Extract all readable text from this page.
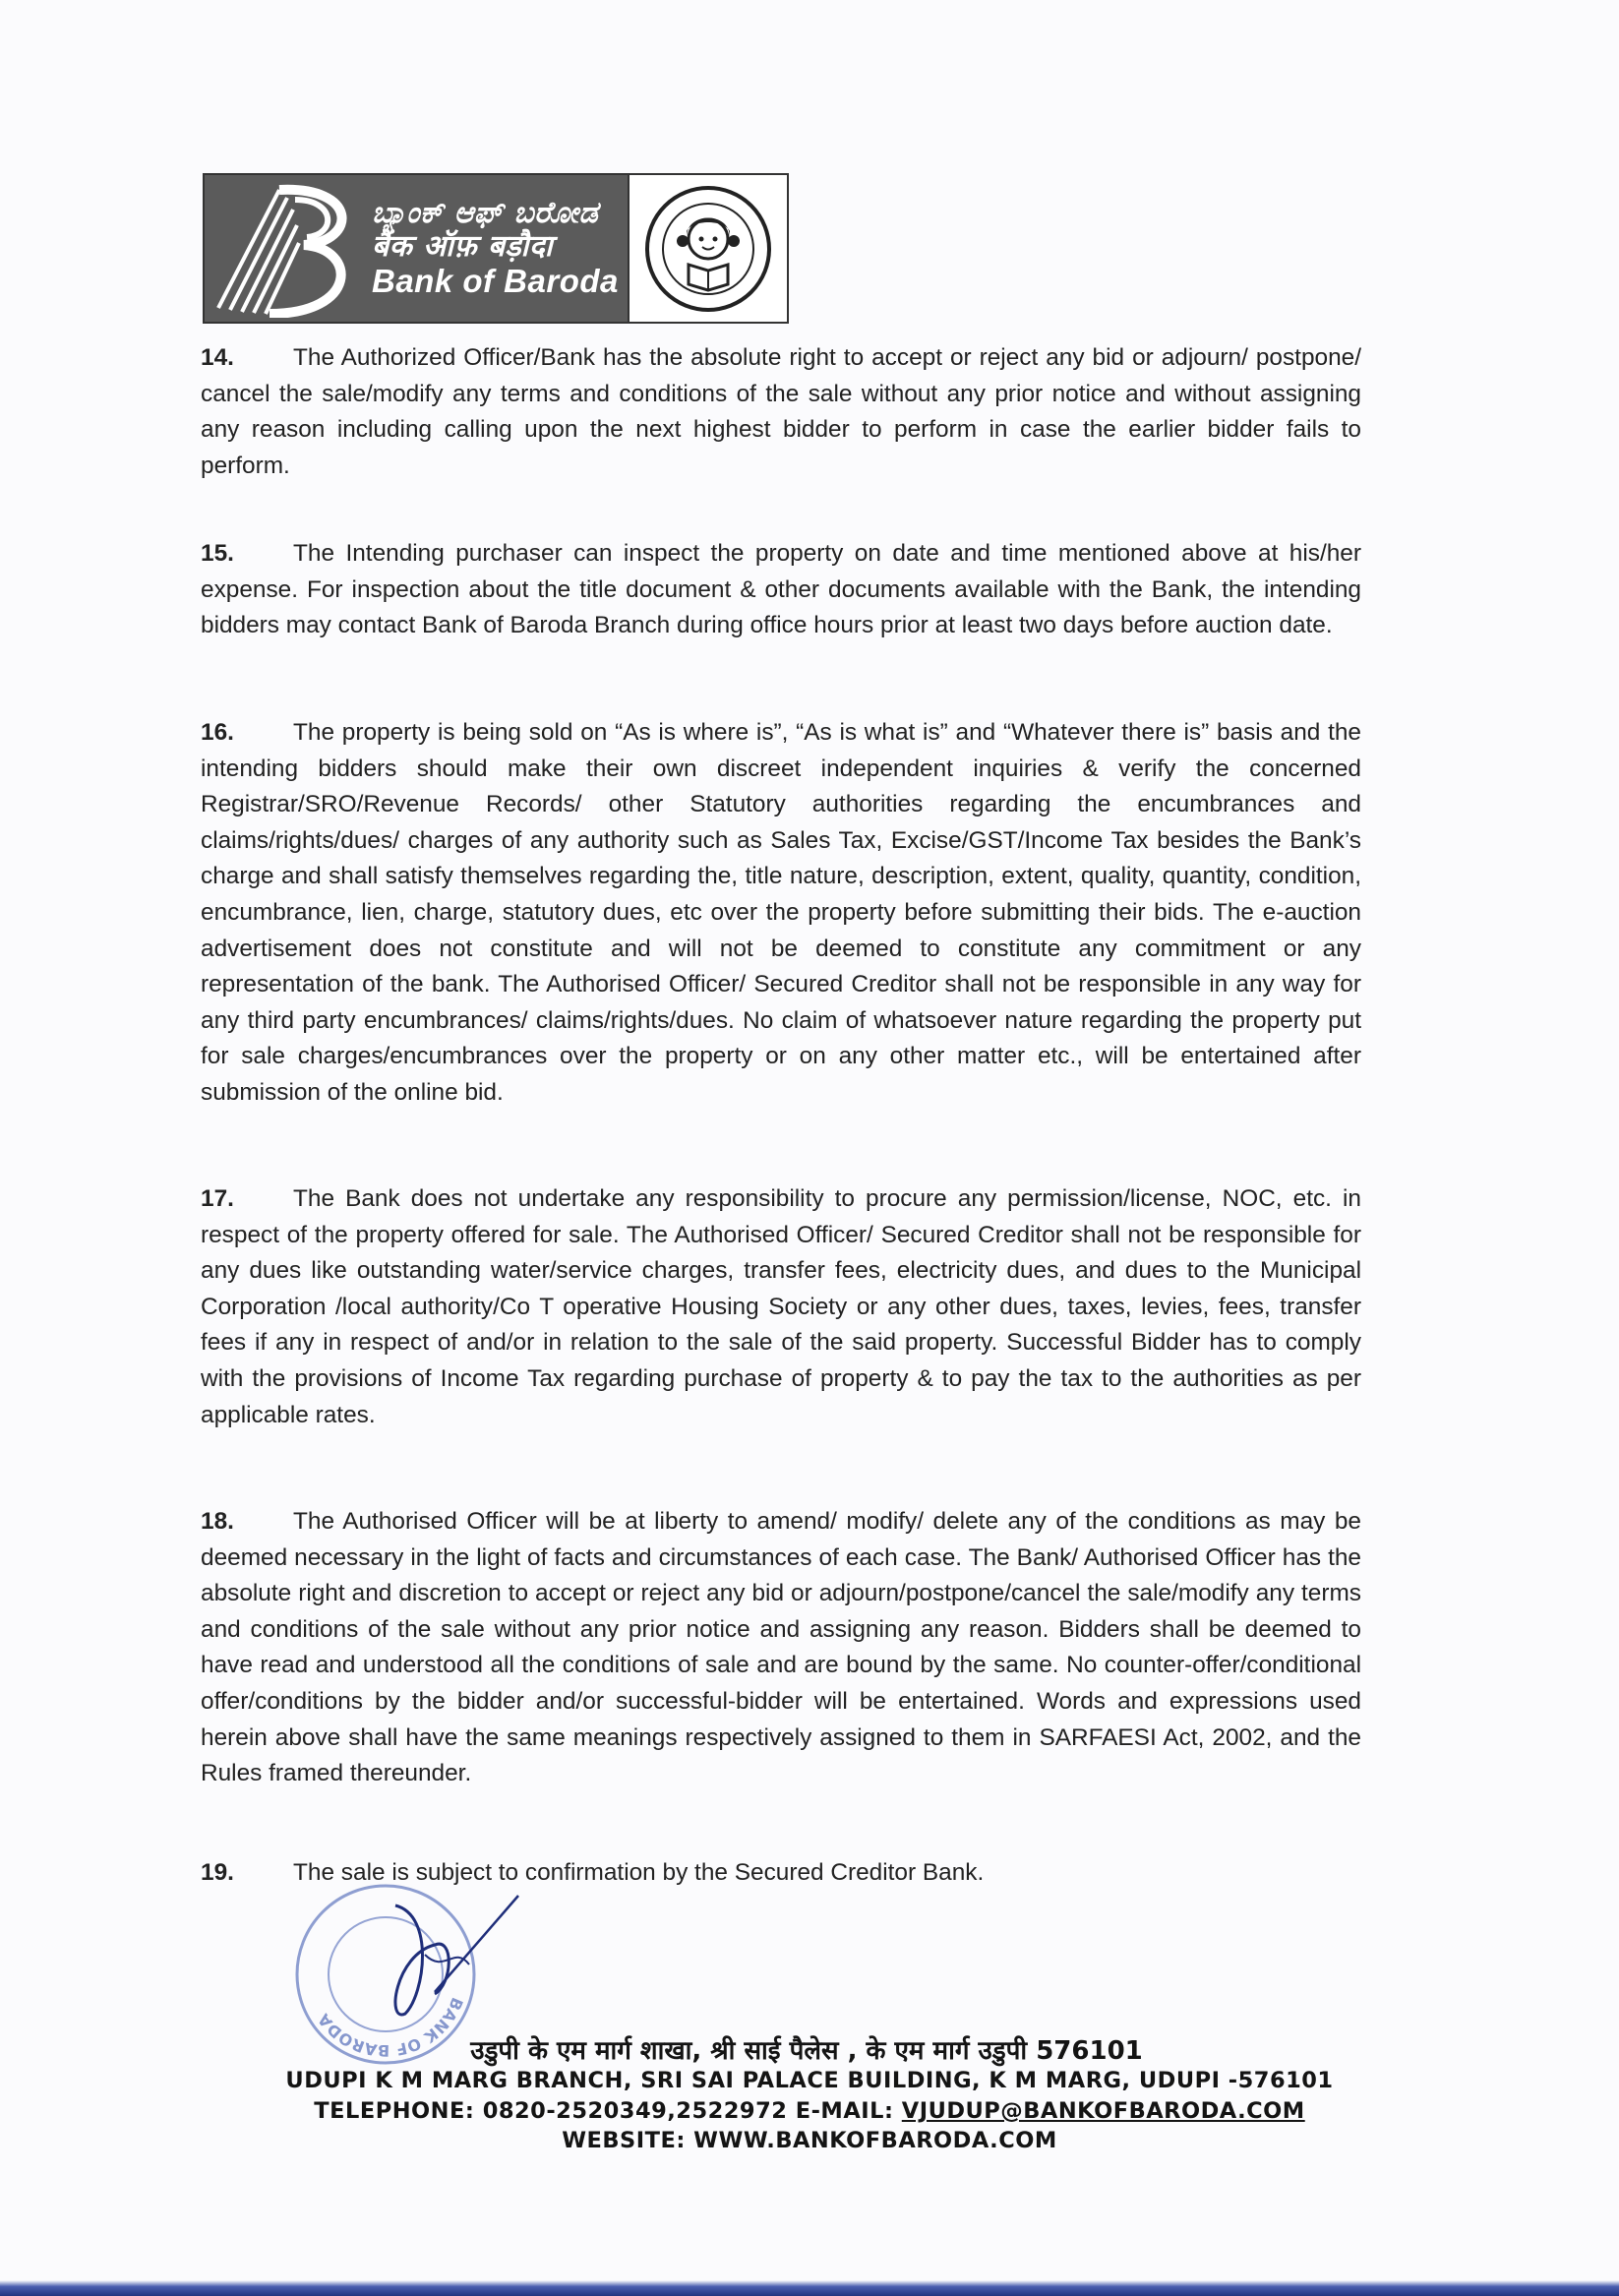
ಬ್ಯಾಂಕ್ ಆಫ್ ಬರೋಡ
बैंक ऑफ़ बड़ौदा
Bank of Baroda

14. The Authorized Officer/Bank has the absolute right to accept or reject any bid or adjourn/ postpone/ cancel the sale/modify any terms and conditions of the sale without any prior notice and without assigning any reason including calling upon the next highest bidder to perform in case the earlier bidder fails to perform.

15. The Intending purchaser can inspect the property on date and time mentioned above at his/her expense. For inspection about the title document & other documents available with the Bank, the intending bidders may contact Bank of Baroda Branch during office hours prior at least two days before auction date.

16. The property is being sold on “As is where is”, “As is what is” and “Whatever there is” basis and the intending bidders should make their own discreet independent inquiries & verify the concerned Registrar/SRO/Revenue Records/ other Statutory authorities regarding the encumbrances and claims/rights/dues/ charges of any authority such as Sales Tax, Excise/GST/Income Tax besides the Bank’s charge and shall satisfy themselves regarding the, title nature, description, extent, quality, quantity, condition, encumbrance, lien, charge, statutory dues, etc over the property before submitting their bids. The e-auction advertisement does not constitute and will not be deemed to constitute any commitment or any representation of the bank. The Authorised Officer/ Secured Creditor shall not be responsible in any way for any third party encumbrances/ claims/rights/dues. No claim of whatsoever nature regarding the property put for sale charges/encumbrances over the property or on any other matter etc., will be entertained after submission of the online bid.

17. The Bank does not undertake any responsibility to procure any permission/license, NOC, etc. in respect of the property offered for sale. The Authorised Officer/ Secured Creditor shall not be responsible for any dues like outstanding water/service charges, transfer fees, electricity dues, and dues to the Municipal Corporation /local authority/Co T operative Housing Society or any other dues, taxes, levies, fees, transfer fees if any in respect of and/or in relation to the sale of the said property. Successful Bidder has to comply with the provisions of Income Tax regarding purchase of property & to pay the tax to the authorities as per applicable rates.

18. The Authorised Officer will be at liberty to amend/ modify/ delete any of the conditions as may be deemed necessary in the light of facts and circumstances of each case. The Bank/ Authorised Officer has the absolute right and discretion to accept or reject any bid or adjourn/postpone/cancel the sale/modify any terms and conditions of the sale without any prior notice and assigning any reason. Bidders shall be deemed to have read and understood all the conditions of sale and are bound by the same. No counter-offer/conditional offer/conditions by the bidder and/or successful-bidder will be entertained. Words and expressions used herein above shall have the same meanings respectively assigned to them in SARFAESI Act, 2002, and the Rules framed thereunder.

19. The sale is subject to confirmation by the Secured Creditor Bank.

BANK OF BARODA
उडुपी के एम मार्ग शाखा, श्री साई पैलेस , के एम मार्ग उडुपी 576101
UDUPI K M MARG BRANCH, SRI SAI PALACE BUILDING, K M MARG, UDUPI -576101
TELEPHONE: 0820-2520349,2522972 E-MAIL: VJUDUP@BANKOFBARODA.COM
WEBSITE: WWW.BANKOFBARODA.COM
